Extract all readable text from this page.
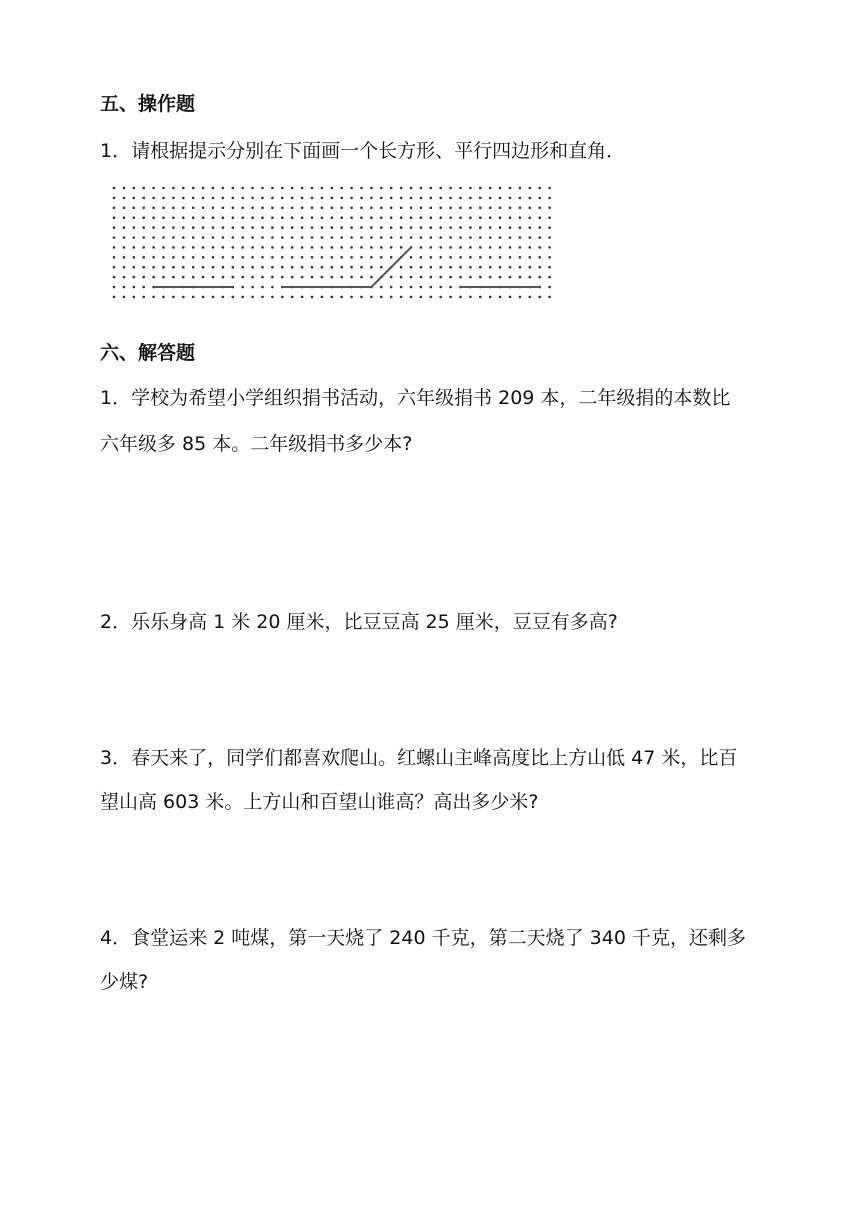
五、操作题
1．请根据提示分别在下面画一个长方形、平行四边形和直角．
六、解答题
1．学校为希望小学组织捐书活动，六年级捐书 209 本，二年级捐的本数比
六年级多 85 本。二年级捐书多少本?
2．乐乐身高 1 米 20 厘米，比豆豆高 25 厘米，豆豆有多高?
3．春天来了，同学们都喜欢爬山。红螺山主峰高度比上方山低 47 米，比百
望山高 603 米。上方山和百望山谁高？高出多少米?
4．食堂运来 2 吨煤，第一天烧了 240 千克，第二天烧了 340 千克，还剩多
少煤?
